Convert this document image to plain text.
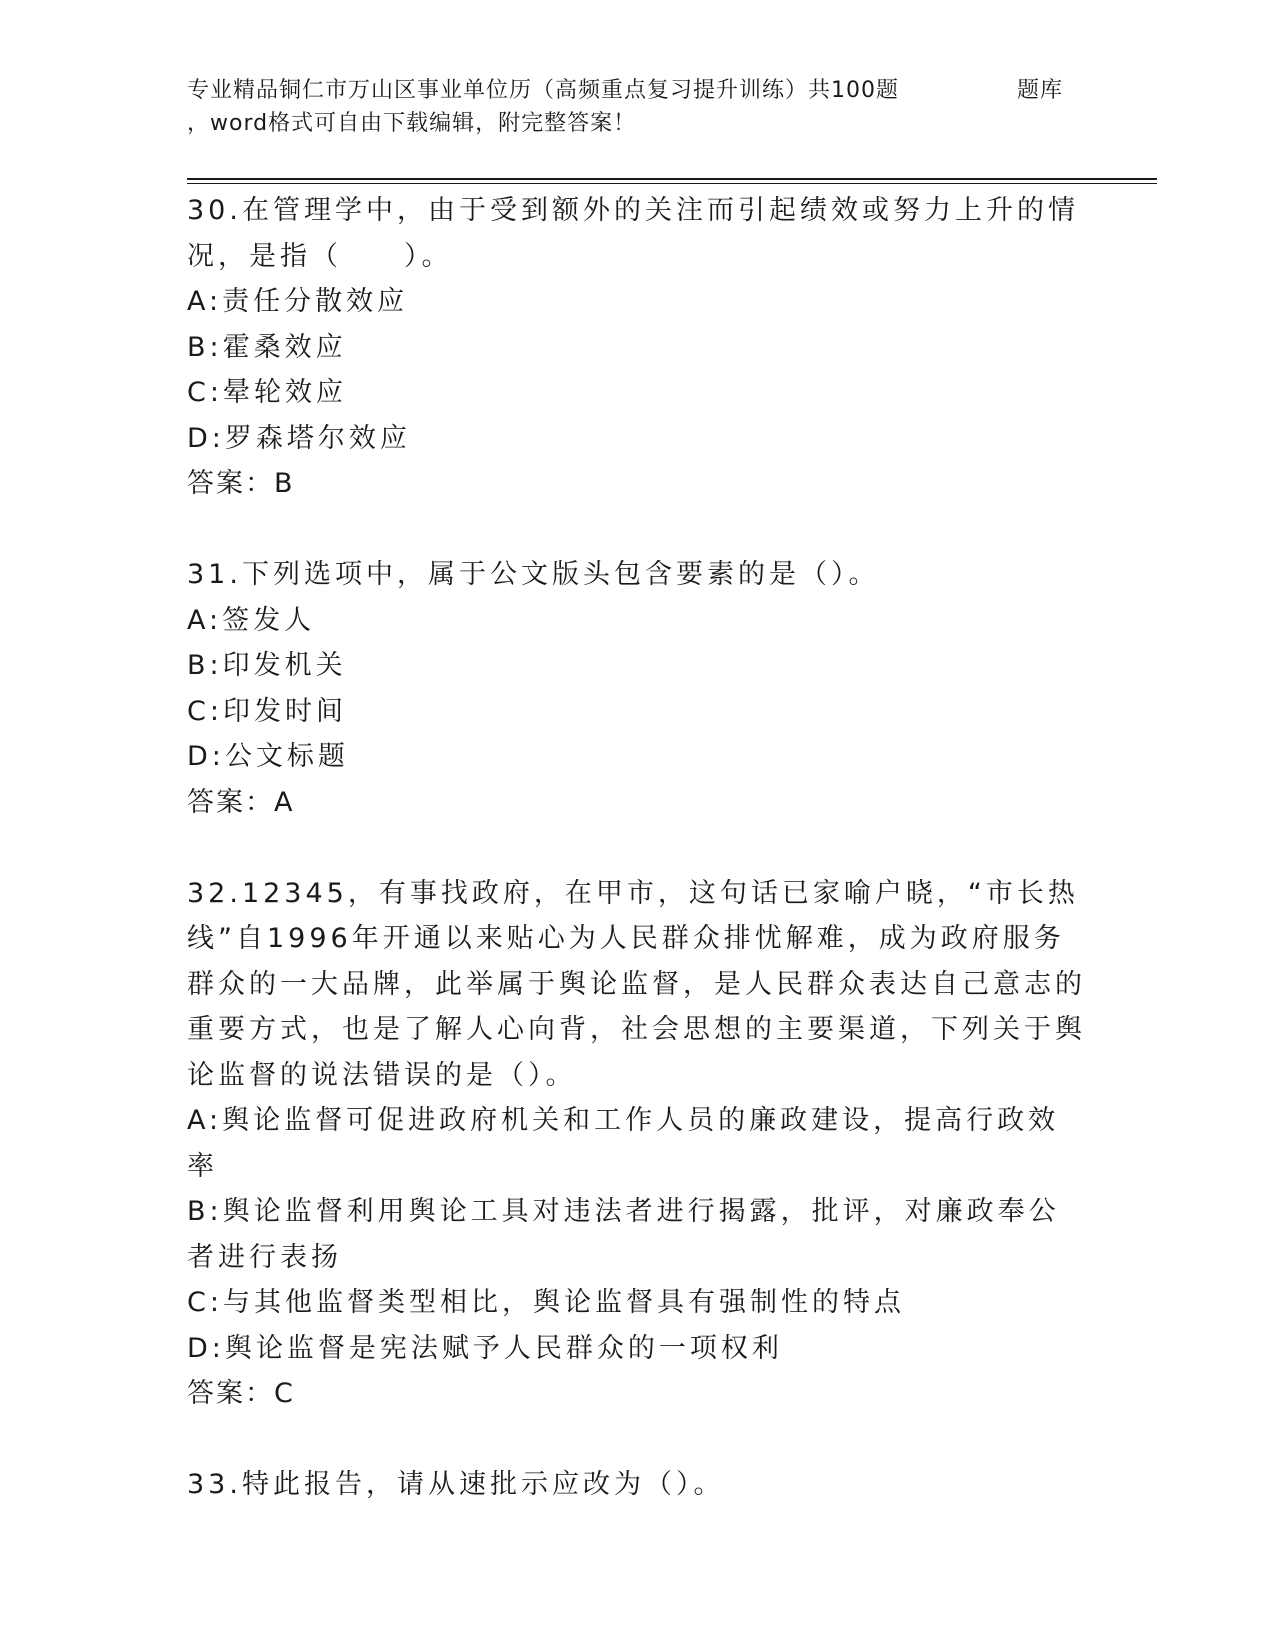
专业精品铜仁市万山区事业单位历（高频重点复习提升训练）共100题	题库
，word格式可自由下载编辑，附完整答案！

30.在管理学中，由于受到额外的关注而引起绩效或努力上升的情况，是指（　　）。

A:责任分散效应

B:霍桑效应

C:晕轮效应

D:罗森塔尔效应

答案：B

31.下列选项中，属于公文版头包含要素的是（）。

A:签发人

B:印发机关

C:印发时间

D:公文标题

答案：A

32.12345，有事找政府，在甲市，这句话已家喻户晓，“市长热线”自1996年开通以来贴心为人民群众排忧解难，成为政府服务群众的一大品牌，此举属于舆论监督，是人民群众表达自己意志的重要方式，也是了解人心向背，社会思想的主要渠道，下列关于舆论监督的说法错误的是（）。

A:舆论监督可促进政府机关和工作人员的廉政建设，提高行政效率

B:舆论监督利用舆论工具对违法者进行揭露，批评，对廉政奉公者进行表扬

C:与其他监督类型相比，舆论监督具有强制性的特点

D:舆论监督是宪法赋予人民群众的一项权利

答案：C

33.特此报告，请从速批示应改为（）。
